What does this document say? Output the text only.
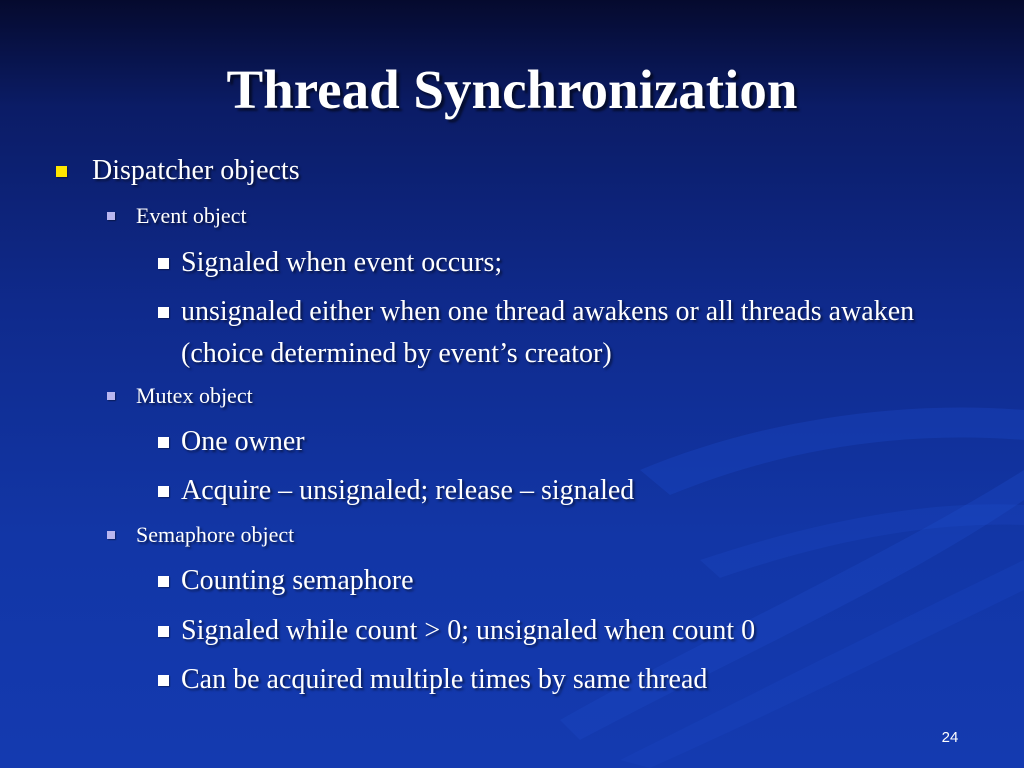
Thread Synchronization
Dispatcher objects
Event object
Signaled when event occurs;
unsignaled either when one thread awakens or all threads awaken (choice determined by event’s creator)
Mutex object
One owner
Acquire – unsignaled; release – signaled
Semaphore object
Counting semaphore
Signaled while count > 0; unsignaled when count 0
Can be acquired multiple times by same thread
24
